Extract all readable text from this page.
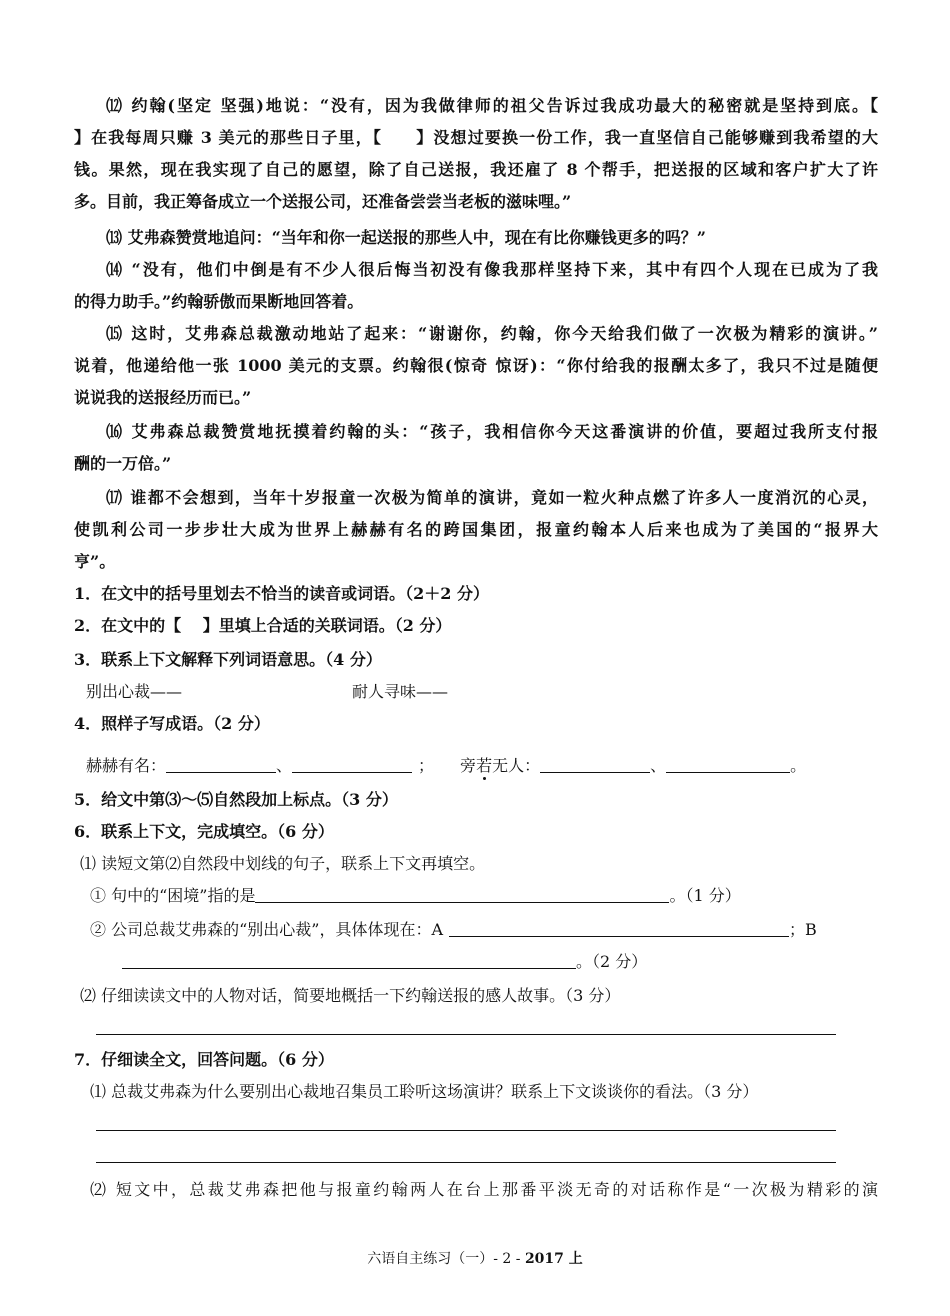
⑿ 约翰(坚定 坚强)地说：“没有，因为我做律师的祖父告诉过我成功最大的秘密就是坚持到底。【
】在我每周只赚 3 美元的那些日子里，【　　】没想过要换一份工作，我一直坚信自己能够赚到我希望的大
钱。果然，现在我实现了自己的愿望，除了自己送报，我还雇了 8 个帮手，把送报的区域和客户扩大了许
多。目前，我正筹备成立一个送报公司，还准备尝尝当老板的滋味哩。”
⒀ 艾弗森赞赏地追问：“当年和你一起送报的那些人中，现在有比你赚钱更多的吗？”
⒁ “没有，他们中倒是有不少人很后悔当初没有像我那样坚持下来，其中有四个人现在已成为了我
的得力助手。”约翰骄傲而果断地回答着。
⒂ 这时，艾弗森总裁激动地站了起来：“谢谢你，约翰，你今天给我们做了一次极为精彩的演讲。”
说着，他递给他一张 1000 美元的支票。约翰很(惊奇 惊讶)：“你付给我的报酬太多了，我只不过是随便
说说我的送报经历而已。”
⒃ 艾弗森总裁赞赏地抚摸着约翰的头：“孩子，我相信你今天这番演讲的价值，要超过我所支付报
酬的一万倍。”
⒄ 谁都不会想到，当年十岁报童一次极为简单的演讲，竟如一粒火种点燃了许多人一度消沉的心灵，
使凯利公司一步步壮大成为世界上赫赫有名的跨国集团，报童约翰本人后来也成为了美国的“报界大
亨”。
1．在文中的括号里划去不恰当的读音或词语。（2＋2 分）
2．在文中的【　 】里填上合适的关联词语。（2 分）
3．联系上下文解释下列词语意思。（4 分）
别出心裁——	耐人寻味——
4．照样子写成语。（2 分）
赫赫有名：	、	； 旁若无人：	、	。
5．给文中第⑶～⑸自然段加上标点。（3 分）
6．联系上下文，完成填空。（6 分）
⑴ 读短文第⑵自然段中划线的句子，联系上下文再填空。
① 句中的“困境”指的是	。（1 分）
② 公司总裁艾弗森的“别出心裁”，具体体现在：A	；B
。（2 分）
⑵ 仔细读读文中的人物对话，简要地概括一下约翰送报的感人故事。（3 分）
7．仔细读全文，回答问题。（6 分）
⑴ 总裁艾弗森为什么要别出心裁地召集员工聆听这场演讲？联系上下文谈谈你的看法。（3 分）
⑵ 短文中，总裁艾弗森把他与报童约翰两人在台上那番平淡无奇的对话称作是“一次极为精彩的演
六语自主练习（一）- 2 - 2017 上
